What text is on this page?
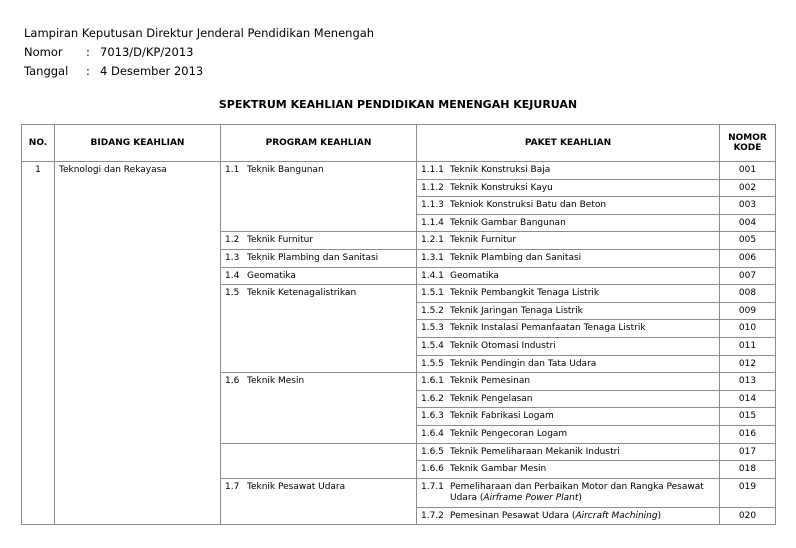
Lampiran Keputusan Direktur Jenderal Pendidikan Menengah
Nomor	: 7013/D/KP/2013
Tanggal	: 4 Desember 2013
SPEKTRUM KEAHLIAN PENDIDIKAN MENENGAH KEJURUAN
NO.	BIDANG KEAHLIAN	PROGRAM KEAHLIAN	PAKET KEAHLIAN	NOMOR
KODE

1	Teknologi dan Rekayasa	1.1 Teknik Bangunan	1.1.1 Teknik Konstruksi Baja	001
			1.1.2 Teknik Konstruksi Kayu	002
			1.1.3 Tekniok Konstruksi Batu dan Beton	003
			1.1.4 Teknik Gambar Bangunan	004
		1.2 Teknik Furnitur	1.2.1 Teknik Furnitur	005
		1.3 Teknik Plambing dan Sanitasi	1.3.1 Teknik Plambing dan Sanitasi	006
		1.4 Geomatika	1.4.1 Geomatika	007
		1.5 Teknik Ketenagalistrikan	1.5.1 Teknik Pembangkit Tenaga Listrik	008
			1.5.2 Teknik Jaringan Tenaga Listrik	009
			1.5.3 Teknik Instalasi Pemanfaatan Tenaga Listrik	010
			1.5.4 Teknik Otomasi Industri	011
			1.5.5 Teknik Pendingin dan Tata Udara	012
		1.6 Teknik Mesin	1.6.1 Teknik Pemesinan	013
			1.6.2 Teknik Pengelasan	014
			1.6.3 Teknik Fabrikasi Logam	015
			1.6.4 Teknik Pengecoran Logam	016
			1.6.5 Teknik Pemeliharaan Mekanik Industri	017
			1.6.6 Teknik Gambar Mesin	018
		1.7 Teknik Pesawat Udara	1.7.1 Pemeliharaan dan Perbaikan Motor dan Rangka Pesawat Udara (Airframe Power Plant)	019
			1.7.2 Pemesinan Pesawat Udara (Aircraft Machining)	020
